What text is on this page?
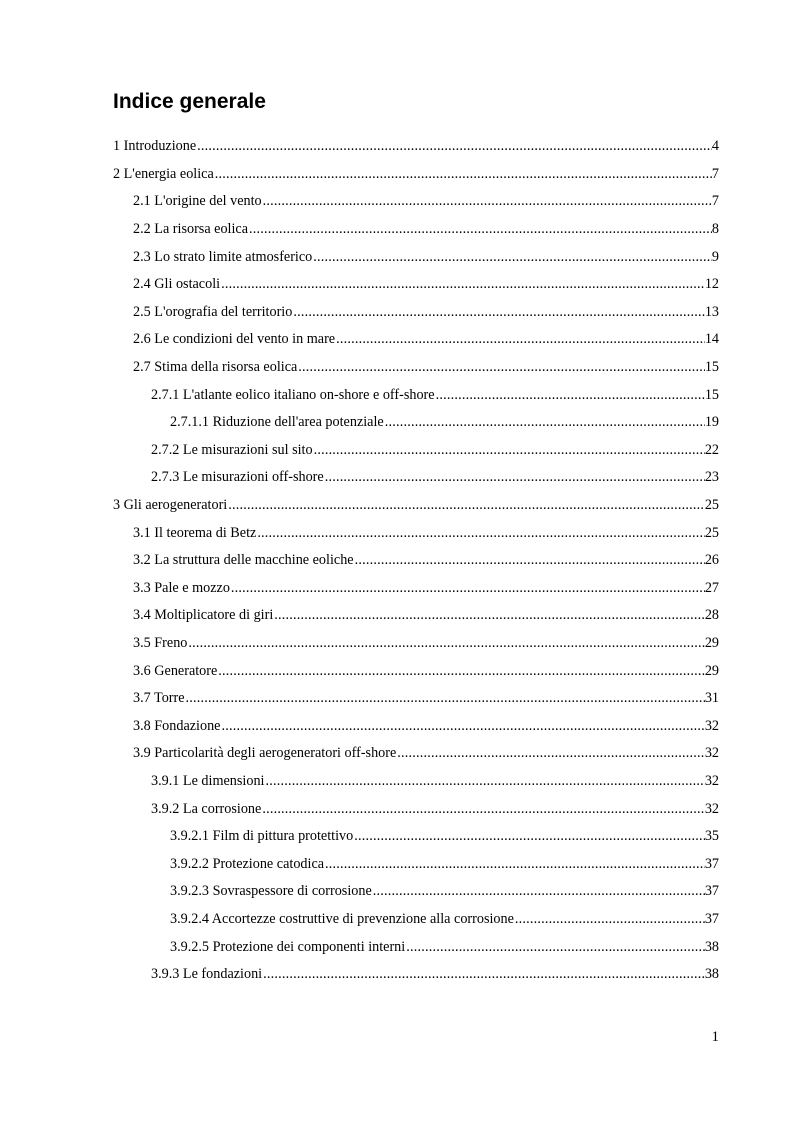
Indice generale
1 Introduzione .....	4
2 L'energia eolica .....	7
2.1 L'origine del vento .....	7
2.2 La risorsa eolica .....	8
2.3 Lo strato limite atmosferico .....	9
2.4 Gli ostacoli .....	12
2.5 L'orografia del territorio .....	13
2.6 Le condizioni del vento in mare .....	14
2.7 Stima della risorsa eolica .....	15
2.7.1 L'atlante eolico italiano on-shore e off-shore .....	15
2.7.1.1 Riduzione dell'area potenziale .....	19
2.7.2 Le misurazioni sul sito .....	22
2.7.3 Le misurazioni off-shore .....	23
3 Gli aerogeneratori .....	25
3.1 Il teorema di Betz .....	25
3.2 La struttura delle macchine eoliche .....	26
3.3 Pale e mozzo .....	27
3.4 Moltiplicatore di giri .....	28
3.5 Freno .....	29
3.6 Generatore .....	29
3.7 Torre .....	31
3.8 Fondazione .....	32
3.9 Particolarità degli aerogeneratori off-shore .....	32
3.9.1 Le dimensioni .....	32
3.9.2 La corrosione .....	32
3.9.2.1 Film di pittura protettivo .....	35
3.9.2.2 Protezione catodica .....	37
3.9.2.3 Sovraspessore di corrosione .....	37
3.9.2.4 Accortezze costruttive di prevenzione alla corrosione .....	37
3.9.2.5 Protezione dei componenti interni .....	38
3.9.3 Le fondazioni .....	38
1
